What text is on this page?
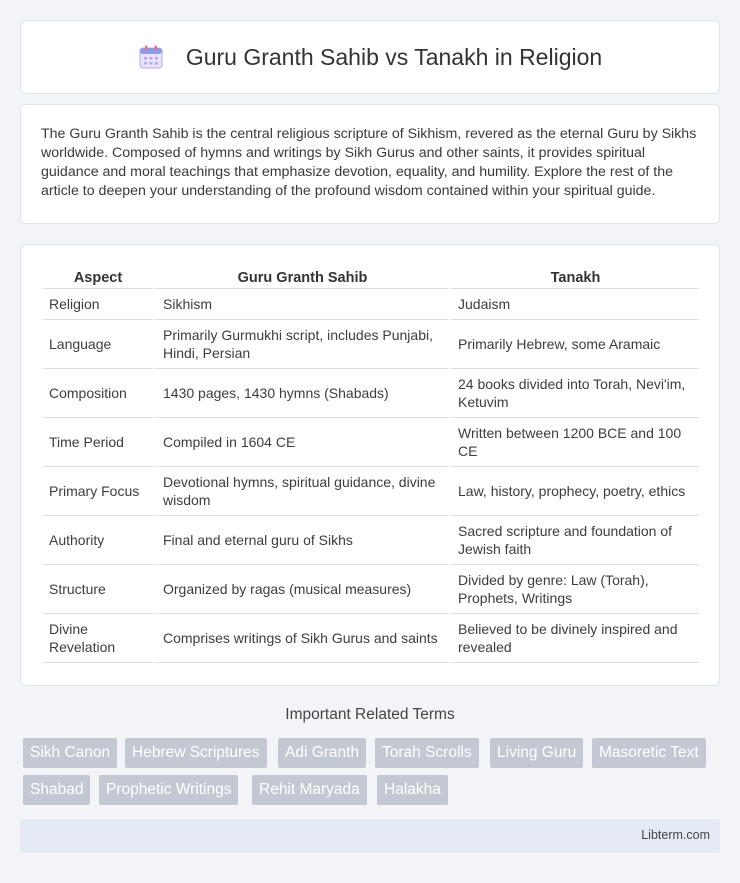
Guru Granth Sahib vs Tanakh in Religion

The Guru Granth Sahib is the central religious scripture of Sikhism, revered as the eternal Guru by Sikhs worldwide. Composed of hymns and writings by Sikh Gurus and other saints, it provides spiritual guidance and moral teachings that emphasize devotion, equality, and humility. Explore the rest of the article to deepen your understanding of the profound wisdom contained within your spiritual guide.

Aspect	Guru Granth Sahib	Tanakh
Religion	Sikhism	Judaism
Language	Primarily Gurmukhi script, includes Punjabi, Hindi, Persian	Primarily Hebrew, some Aramaic
Composition	1430 pages, 1430 hymns (Shabads)	24 books divided into Torah, Nevi'im, Ketuvim
Time Period	Compiled in 1604 CE	Written between 1200 BCE and 100 CE
Primary Focus	Devotional hymns, spiritual guidance, divine wisdom	Law, history, prophecy, poetry, ethics
Authority	Final and eternal guru of Sikhs	Sacred scripture and foundation of Jewish faith
Structure	Organized by ragas (musical measures)	Divided by genre: Law (Torah), Prophets, Writings
Divine Revelation	Comprises writings of Sikh Gurus and saints	Believed to be divinely inspired and revealed
Important Related Terms
Sikh Canon	Hebrew Scriptures	Adi Granth	Torah Scrolls	Living Guru	Masoretic Text
Shabad	Prophetic Writings	Rehit Maryada	Halakha
Libterm.com
